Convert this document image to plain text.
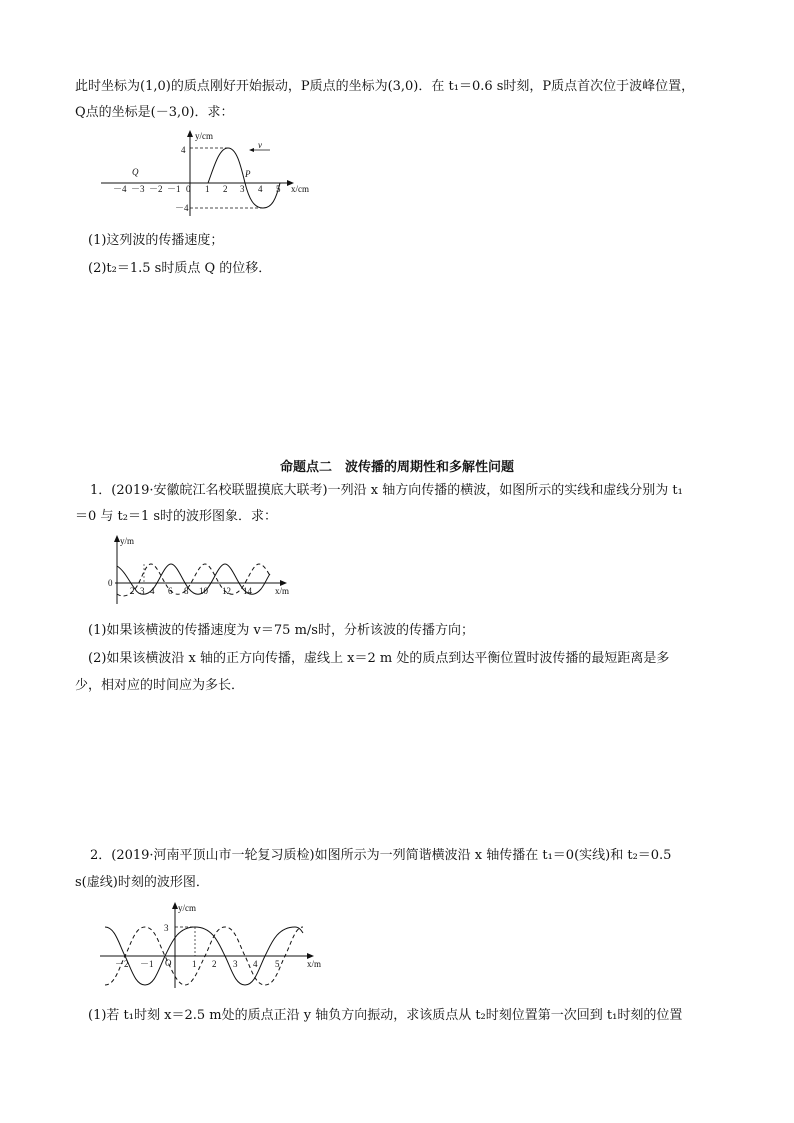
此时坐标为(1,0)的质点刚好开始振动，P质点的坐标为(3,0)．在 t₁＝0.6 s时刻，P质点首次位于波峰位置，
Q点的坐标是(－3,0)．求：
y/cm
x/cm
4
－4
0
－4 －3 －2 －1	1 2 3 4 5
Q	P
v
(1)这列波的传播速度；
(2)t₂＝1.5 s时质点 Q 的位移．
命题点二　波传播的周期性和多解性问题
1．(2019·安徽皖江名校联盟摸底大联考)一列沿 x 轴方向传播的横波，如图所示的实线和虚线分别为 t₁
＝0 与 t₂＝1 s时的波形图象．求：
y/m
x/m
0
2 3 4 6 8 10 12 14
(1)如果该横波的传播速度为 v＝75 m/s时，分析该波的传播方向；
(2)如果该横波沿 x 轴的正方向传播，虚线上 x＝2 m 处的质点到达平衡位置时波传播的最短距离是多
少，相对应的时间应为多长．
2．(2019·河南平顶山市一轮复习质检)如图所示为一列简谐横波沿 x 轴传播在 t₁＝0(实线)和 t₂＝0.5
s(虚线)时刻的波形图．
y/cm
x/m
3
O
－2 －1	1 2 3 4 5
(1)若 t₁时刻 x＝2.5 m处的质点正沿 y 轴负方向振动，求该质点从 t₂时刻位置第一次回到 t₁时刻的位置
